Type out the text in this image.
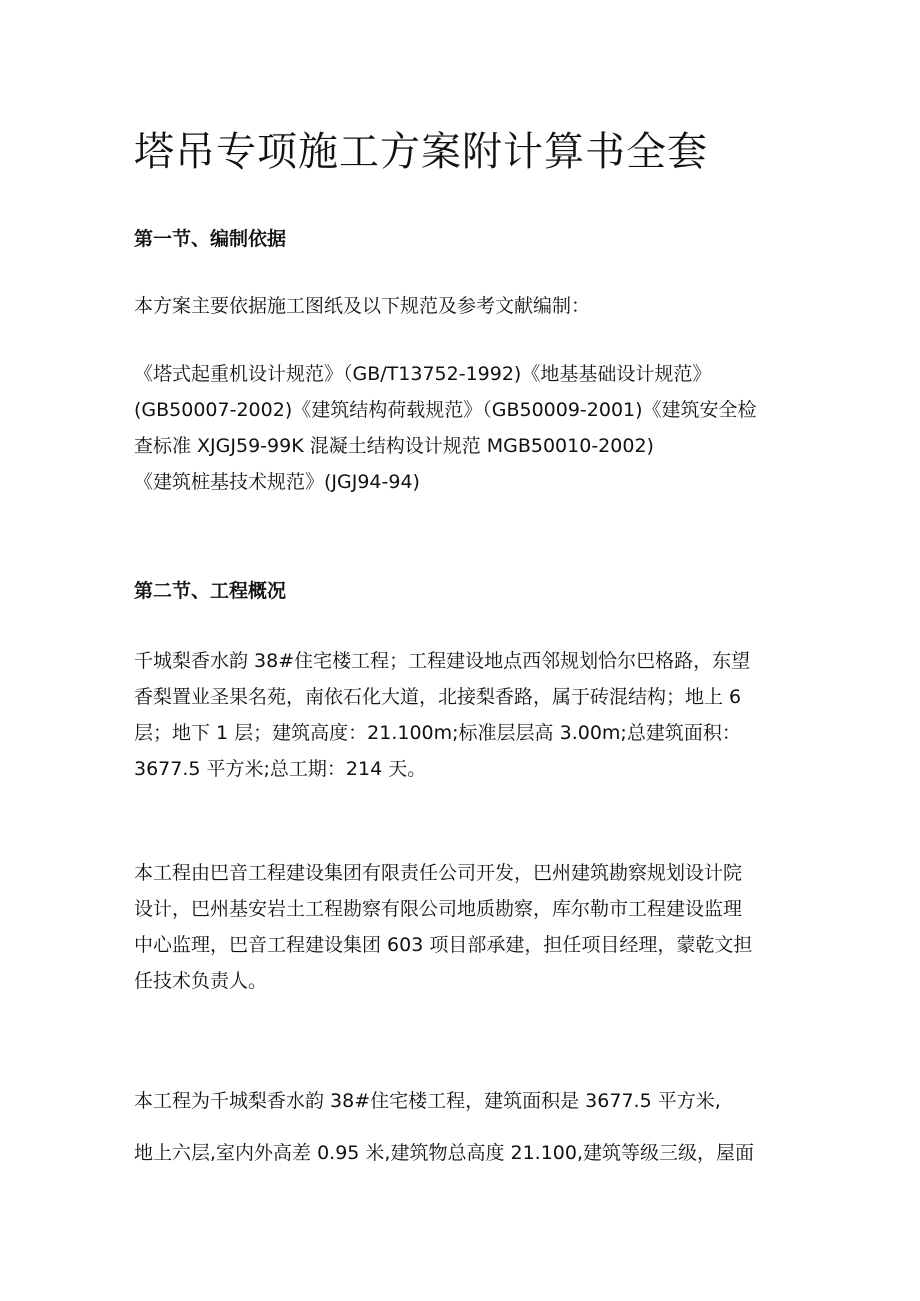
塔吊专项施工方案附计算书全套
第一节、编制依据
本方案主要依据施工图纸及以下规范及参考文献编制：
《塔式起重机设计规范》（GB/T13752-1992)《地基基础设计规范》
(GB50007-2002)《建筑结构荷载规范》（GB50009-2001)《建筑安全检
查标准 XJGJ59-99K 混凝土结构设计规范 MGB50010-2002)
《建筑桩基技术规范》(JGJ94-94)
第二节、工程概况
千城梨香水韵 38#住宅楼工程；工程建设地点西邻规划恰尔巴格路，东望
香梨置业圣果名苑，南依石化大道，北接梨香路，属于砖混结构；地上 6
层；地下 1 层；建筑高度：21.100m;标准层层高 3.00m;总建筑面积：
3677.5 平方米;总工期：214 天。
本工程由巴音工程建设集团有限责任公司开发，巴州建筑勘察规划设计院
设计，巴州基安岩土工程勘察有限公司地质勘察，库尔勒市工程建设监理
中心监理，巴音工程建设集团 603 项目部承建，担任项目经理，蒙乾文担
任技术负责人。
本工程为千城梨香水韵 38#住宅楼工程，建筑面积是 3677.5 平方米,
地上六层,室内外高差 0.95 米,建筑物总高度 21.100,建筑等级三级，屋面
